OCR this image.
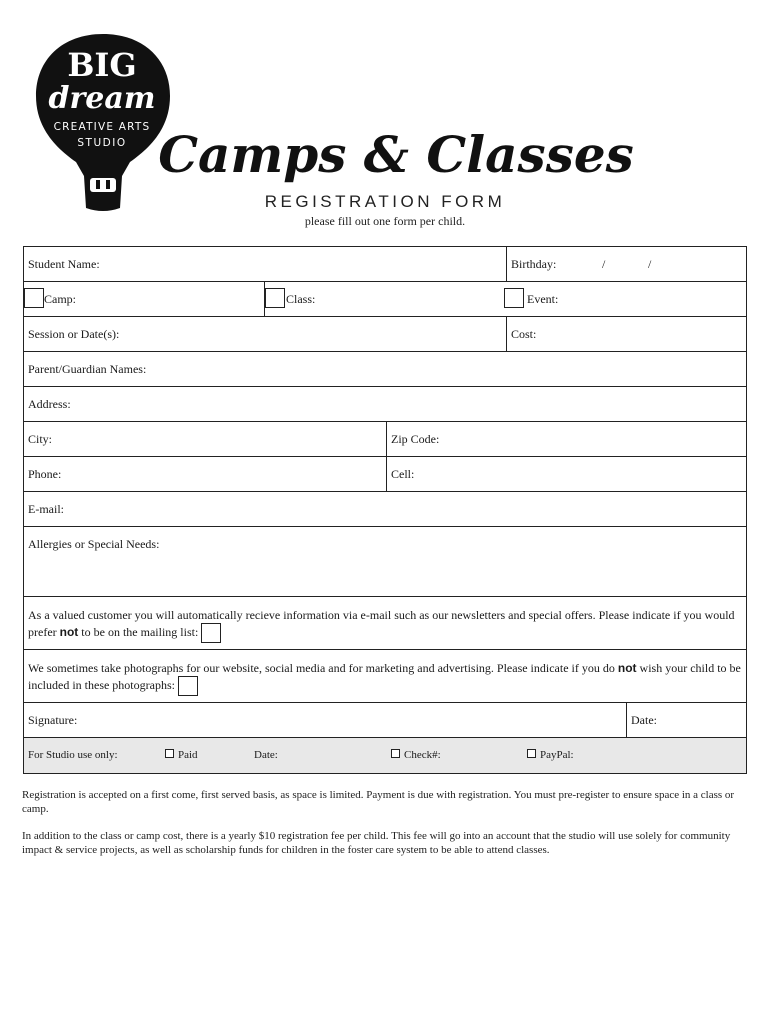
BIG
dream
CREATIVE ARTS
STUDIO Camps & Classes
REGISTRATION FORM
please fill out one form per child.
Student Name:	Birthday:	/	/
Camp:	Class:	Event:
Session or Date(s):	Cost:
Parent/Guardian Names:
Address:
City:	Zip Code:
Phone:	Cell:
E-mail:
Allergies or Special Needs:
As a valued customer you will automatically recieve information via e-mail such as our newsletters and special offers. Please indicate if you would prefer not to be on the mailing list:
We sometimes take photographs for our website, social media and for marketing and advertising. Please indicate if you do not wish your child to be included in these photographs:
Signature:	Date:
For Studio use only:	Paid	Date:	Check#:	PayPal:
Registration is accepted on a first come, first served basis, as space is limited. Payment is due with registration. You must pre-register to ensure space in a class or camp.
In addition to the class or camp cost, there is a yearly $10 registration fee per child. This fee will go into an account that the studio will use solely for community impact & service projects, as well as scholarship funds for children in the foster care system to be able to attend classes.
